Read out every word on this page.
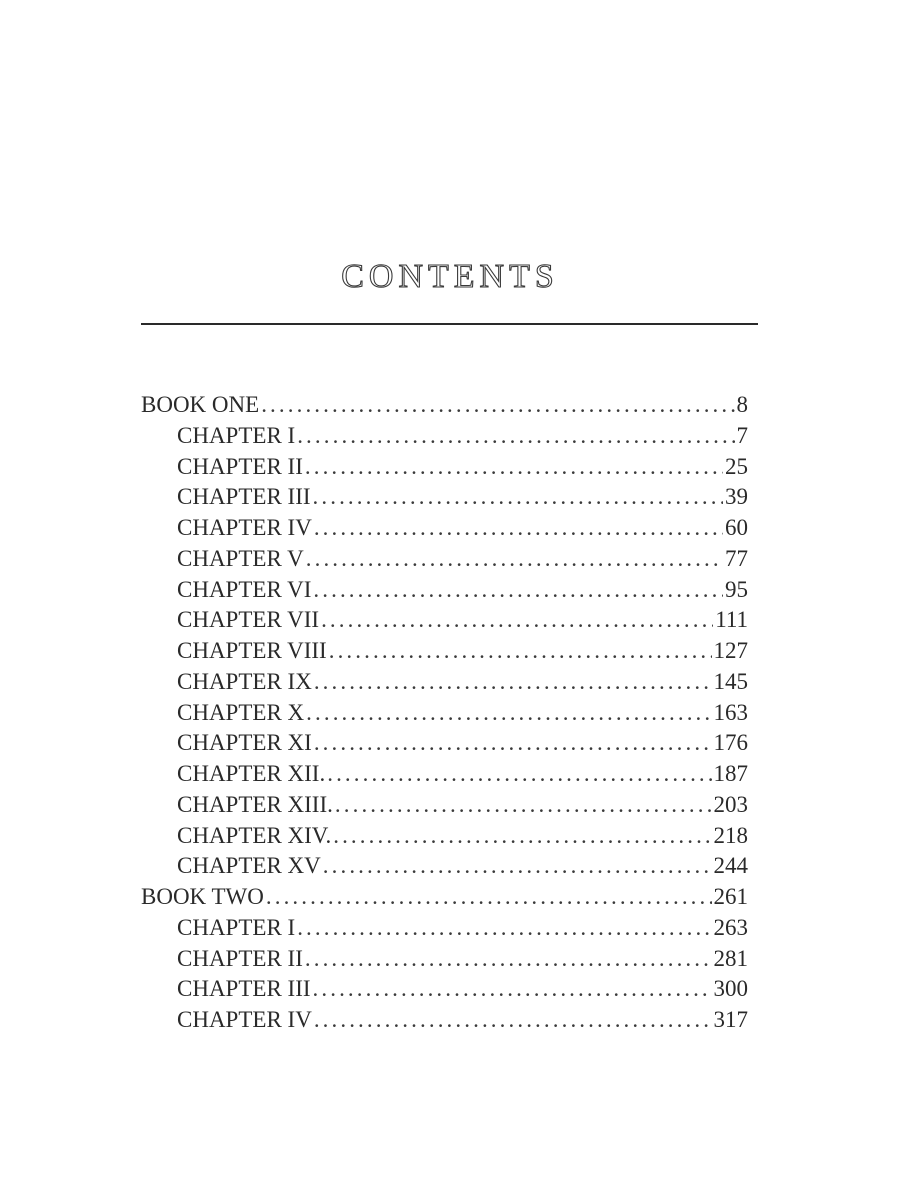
CONTENTS
BOOK ONE .....	8
CHAPTER I .....	7
CHAPTER II .....	25
CHAPTER III .....	39
CHAPTER IV .....	60
CHAPTER V .....	77
CHAPTER VI .....	95
CHAPTER VII .....	111
CHAPTER VIII .....	127
CHAPTER IX .....	145
CHAPTER X .....	163
CHAPTER XI .....	176
CHAPTER XII. .....	187
CHAPTER XIII. .....	203
CHAPTER XIV. .....	218
CHAPTER XV .....	244
BOOK TWO .....	261
CHAPTER I .....	263
CHAPTER II .....	281
CHAPTER III .....	300
CHAPTER IV .....	317
